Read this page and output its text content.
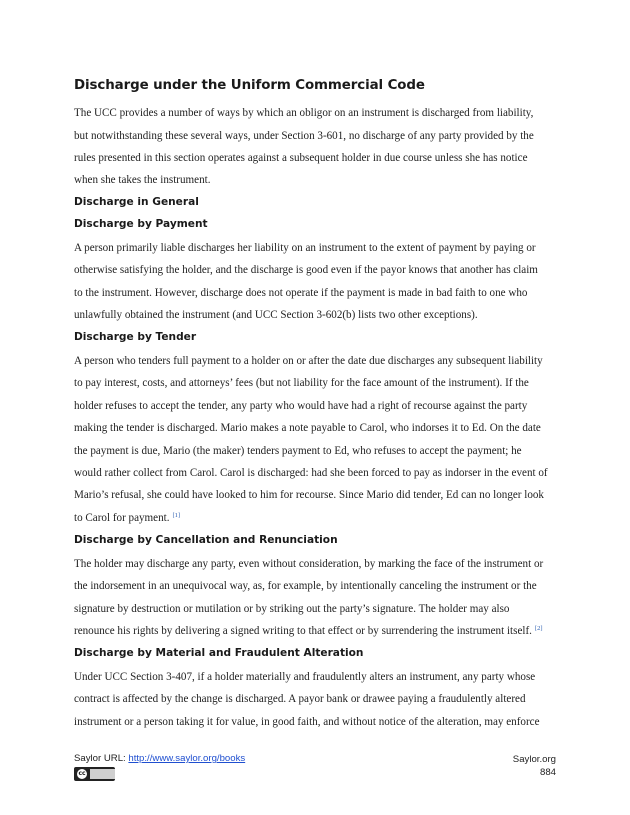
Discharge under the Uniform Commercial Code
The UCC provides a number of ways by which an obligor on an instrument is discharged from liability,
but notwithstanding these several ways, under Section 3-601, no discharge of any party provided by the
rules presented in this section operates against a subsequent holder in due course unless she has notice
when she takes the instrument.
Discharge in General
Discharge by Payment
A person primarily liable discharges her liability on an instrument to the extent of payment by paying or
otherwise satisfying the holder, and the discharge is good even if the payor knows that another has claim
to the instrument. However, discharge does not operate if the payment is made in bad faith to one who
unlawfully obtained the instrument (and UCC Section 3-602(b) lists two other exceptions).
Discharge by Tender
A person who tenders full payment to a holder on or after the date due discharges any subsequent liability
to pay interest, costs, and attorneys’ fees (but not liability for the face amount of the instrument). If the
holder refuses to accept the tender, any party who would have had a right of recourse against the party
making the tender is discharged. Mario makes a note payable to Carol, who indorses it to Ed. On the date
the payment is due, Mario (the maker) tenders payment to Ed, who refuses to accept the payment; he
would rather collect from Carol. Carol is discharged: had she been forced to pay as indorser in the event of
Mario’s refusal, she could have looked to him for recourse. Since Mario did tender, Ed can no longer look
to Carol for payment. [1]
Discharge by Cancellation and Renunciation
The holder may discharge any party, even without consideration, by marking the face of the instrument or
the indorsement in an unequivocal way, as, for example, by intentionally canceling the instrument or the
signature by destruction or mutilation or by striking out the party’s signature. The holder may also
renounce his rights by delivering a signed writing to that effect or by surrendering the instrument itself. [2]
Discharge by Material and Fraudulent Alteration
Under UCC Section 3-407, if a holder materially and fraudulently alters an instrument, any party whose
contract is affected by the change is discharged. A payor bank or drawee paying a fraudulently altered
instrument or a person taking it for value, in good faith, and without notice of the alteration, may enforce
Saylor URL: http://www.saylor.org/books
cc
Saylor.org
884
